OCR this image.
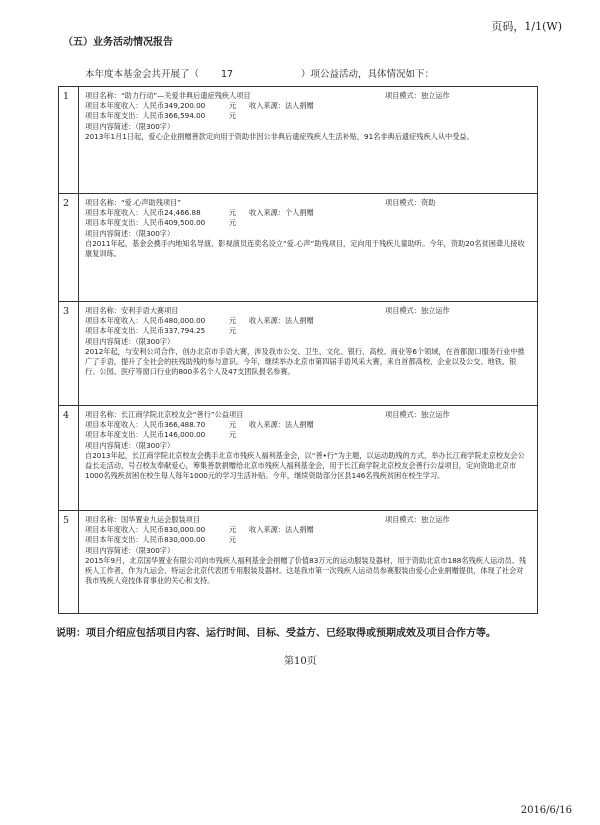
页码，1/1(W)
（五）业务活动情况报告
本年度本基金会共开展了（ 17	）项公益活动，具体情况如下：
1 项目名称：“助力行动”—关爱非典后遗症残疾人项目	项目模式：独立运作
项目本年度收入：人民币349,200.00	元 收入来源：法人捐赠
项目本年度支出：人民币366,594.00	元
项目内容简述：（限300字）
2013年1月1日起，爱心企业捐赠善款定向用于资助非因公非典后遗症残疾人生活补贴，91名非典后遗症残疾人从中受益。
2 项目名称：“爱.心声助残项目”	项目模式：资助
项目本年度收入：人民币24,466.88	元 收入来源：个人捐赠
项目本年度支出：人民币409,500.00	元
项目内容简述：（限300字）
自2011年起，基金会携手内地知名导演、影视演员连奕名设立“爱.心声”助残项目，定向用于残疾儿童助听。今年，资助20名贫困聋儿接收康复训练。
3 项目名称：安利手语大赛项目	项目模式：独立运作
项目本年度收入：人民币480,000.00	元 收入来源：法人捐赠
项目本年度支出：人民币337,794.25	元
项目内容简述：（限300字）
2012年起，与安利公司合作，创办北京市手语大赛，涉及我市公交、卫生、文化、银行、高校、商业等6个领域，在首都窗口服务行业中推广了手语，提升了全社会的扶残助残的参与意识。今年，继续举办北京市第四届手语风采大赛，来自首都高校、企业以及公交、地铁、银行、公园、医疗等窗口行业的800多名个人及47支团队报名参赛。
4 项目名称：长江商学院北京校友会“善行”公益项目	项目模式：独立运作
项目本年度收入：人民币366,488.70	元 收入来源：法人捐赠
项目本年度支出：人民币146,000.00	元
项目内容简述：（限300字）
自2013年起，长江商学院北京校友会携手北京市残疾人福利基金会，以“善•行”为主题，以运动助残的方式，举办长江商学院北京校友会公益长走活动，号召校友奉献爱心，筹集善款捐赠给北京市残疾人福利基金会，用于长江商学院北京校友会善行公益项目，定向资助北京市1000名残疾贫困在校生每人每年1000元的学习生活补贴。今年，继续资助部分区县146名残疾贫困在校生学习。
5 项目名称：国华置业九运会服装项目	项目模式：独立运作
项目本年度收入：人民币830,000.00	元 收入来源：法人捐赠
项目本年度支出：人民币830,000.00	元
项目内容简述：（限300字）
2015年9月，北京国华置业有限公司向市残疾人福利基金会捐赠了价值83万元的运动服装及器材，用于资助北京市188名残疾人运动员、残疾人工作者，作为九运会、特运会北京代表团专用服装及器材。这是我市第一次残疾人运动员参赛服装由爱心企业捐赠提供，体现了社会对我市残疾人竞技体育事业的关心和支持。
说明：项目介绍应包括项目内容、运行时间、目标、受益方、已经取得或预期成效及项目合作方等。
第10页
2016/6/16
